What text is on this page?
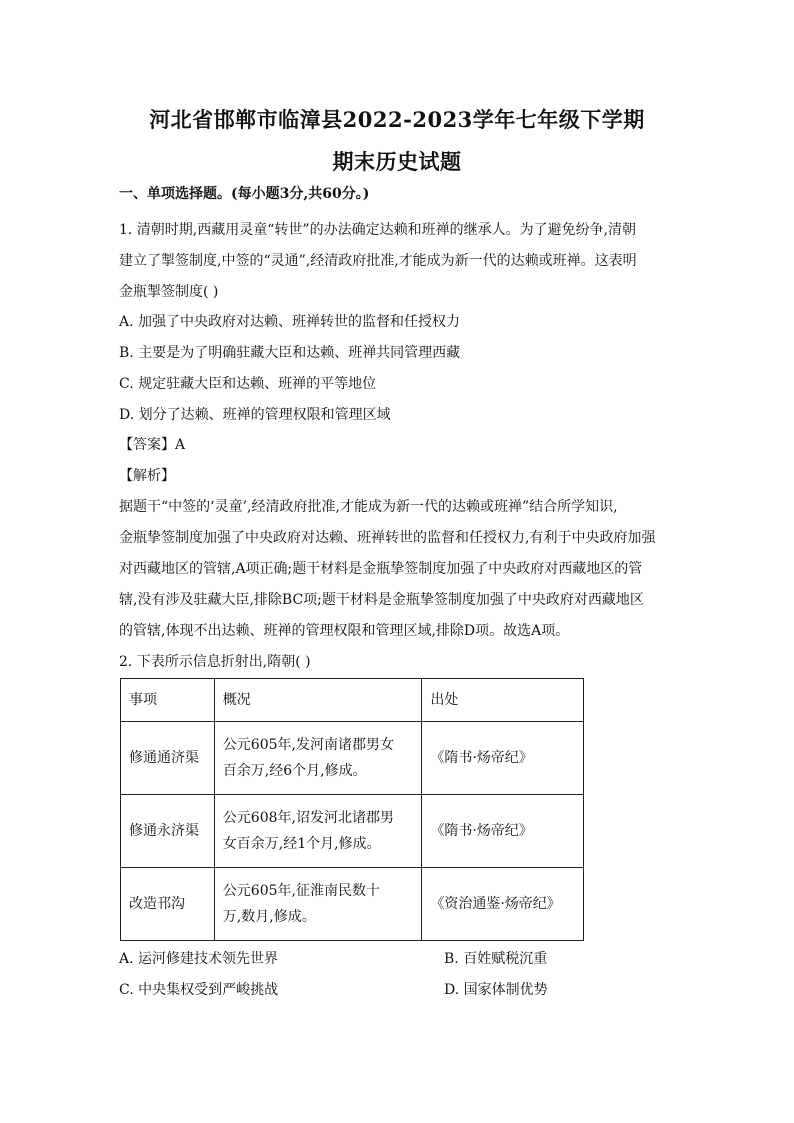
河北省邯郸市临漳县2022-2023学年七年级下学期
期末历史试题
一、单项选择题。(每小题3分,共60分。)
1. 清朝时期,西藏用灵童“转世”的办法确定达赖和班禅的继承人。为了避免纷争,清朝
建立了掣签制度,中签的“灵通”,经清政府批准,才能成为新一代的达赖或班禅。这表明
金瓶掣签制度( )
A. 加强了中央政府对达赖、班禅转世的监督和任授权力
B. 主要是为了明确驻藏大臣和达赖、班禅共同管理西藏
C. 规定驻藏大臣和达赖、班禅的平等地位
D. 划分了达赖、班禅的管理权限和管理区域
【答案】A
【解析】
据题干“中签的‘灵童’,经清政府批准,才能成为新一代的达赖或班禅”结合所学知识,
金瓶挚签制度加强了中央政府对达赖、班禅转世的监督和任授权力,有利于中央政府加强
对西藏地区的管辖,A项正确;题干材料是金瓶挚签制度加强了中央政府对西藏地区的管
辖,没有涉及驻藏大臣,排除BC项;题干材料是金瓶挚签制度加强了中央政府对西藏地区
的管辖,体现不出达赖、班禅的管理权限和管理区域,排除D项。故选A项。
2. 下表所示信息折射出,隋朝( )
事项	概况	出处
修通通济渠	公元605年,发河南诸郡男女
百余万,经6个月,修成。	《隋书·炀帝纪》
修通永济渠	公元608年,诏发河北诸郡男
女百余万,经1个月,修成。	《隋书·炀帝纪》
改造邗沟	公元605年,征淮南民数十
万,数月,修成。	《资治通鉴·炀帝纪》
A. 运河修建技术领先世界	B. 百姓赋税沉重
C. 中央集权受到严峻挑战	D. 国家体制优势
